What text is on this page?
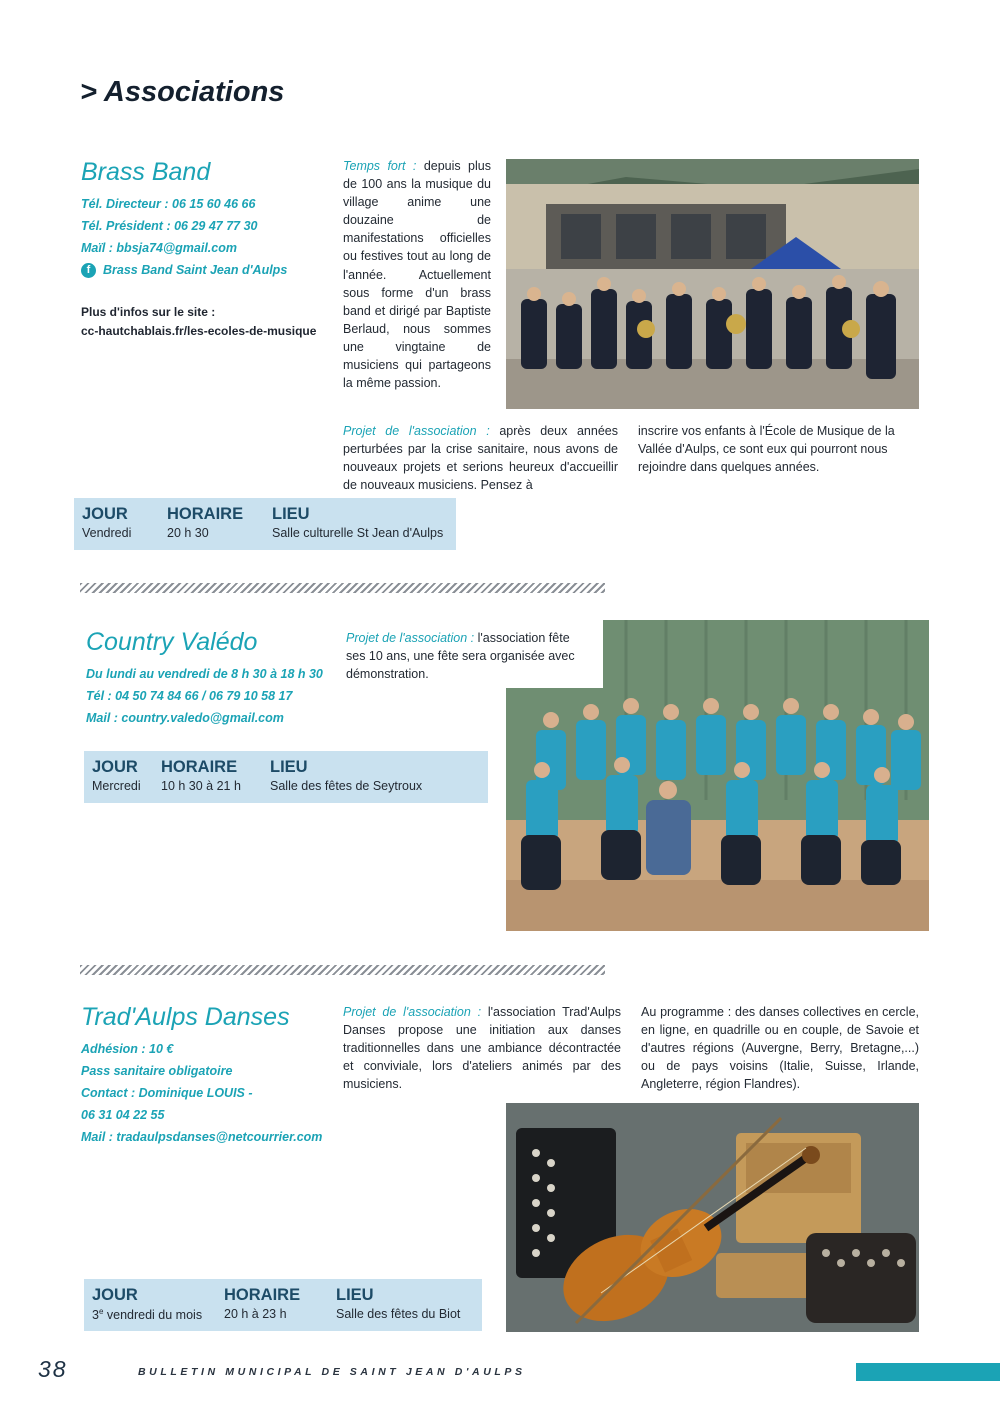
> Associations
Brass Band
Tél. Directeur : 06 15 60 46 66
Tél. Président : 06 29 47 77 30
Maïl : bbsja74@gmail.com
f	Brass Band Saint Jean d'Aulps
Plus d'infos sur le site :
cc-hautchablais.fr/les-ecoles-de-musique
Temps fort : depuis plus de 100 ans la musique du village anime une douzaine de manifestations officielles ou festives tout au long de l'année. Actuellement sous forme d'un brass band et dirigé par Baptiste Berlaud, nous sommes une vingtaine de musiciens qui partageons la même passion.
Projet de l'association : après deux années perturbées par la crise sanitaire, nous avons de nouveaux projets et serions heureux d'accueillir de nouveaux musiciens. Pensez à
inscrire vos enfants à l'École de Musique de la Vallée d'Aulps, ce sont eux qui pourront nous rejoindre dans quelques années.
JOUR HORAIRE LIEU
Vendredi	20 h 30	Salle culturelle St Jean d'Aulps
Country Valédo
Du lundi au vendredi de 8 h 30 à 18 h 30
Tél : 04 50 74 84 66 / 06 79 10 58 17
Mail : country.valedo@gmail.com
Projet de l'association : l'association fête ses 10 ans, une fête sera organisée avec démonstration.
JOUR HORAIRE LIEU
Mercredi 10 h 30 à 21 h Salle des fêtes de Seytroux
Trad'Aulps Danses
Adhésion : 10 €
Pass sanitaire obligatoire
Contact : Dominique LOUIS -
06 31 04 22 55
Mail : tradaulpsdanses@netcourrier.com
Projet de l'association : l'association Trad'Aulps Danses propose une initiation aux danses traditionnelles dans une ambiance décontractée et conviviale, lors d'ateliers animés par des musiciens.
Au programme : des danses collectives en cercle, en ligne, en quadrille ou en couple, de Savoie et d'autres régions (Auvergne, Berry, Bretagne,...) ou de pays voisins (Italie, Suisse, Irlande, Angleterre, région Flandres).
JOUR	HORAIRE LIEU
3e vendredi du mois 20 h à 23 h	Salle des fêtes du Biot
38	BULLETIN MUNICIPAL DE SAINT JEAN D'AULPS
